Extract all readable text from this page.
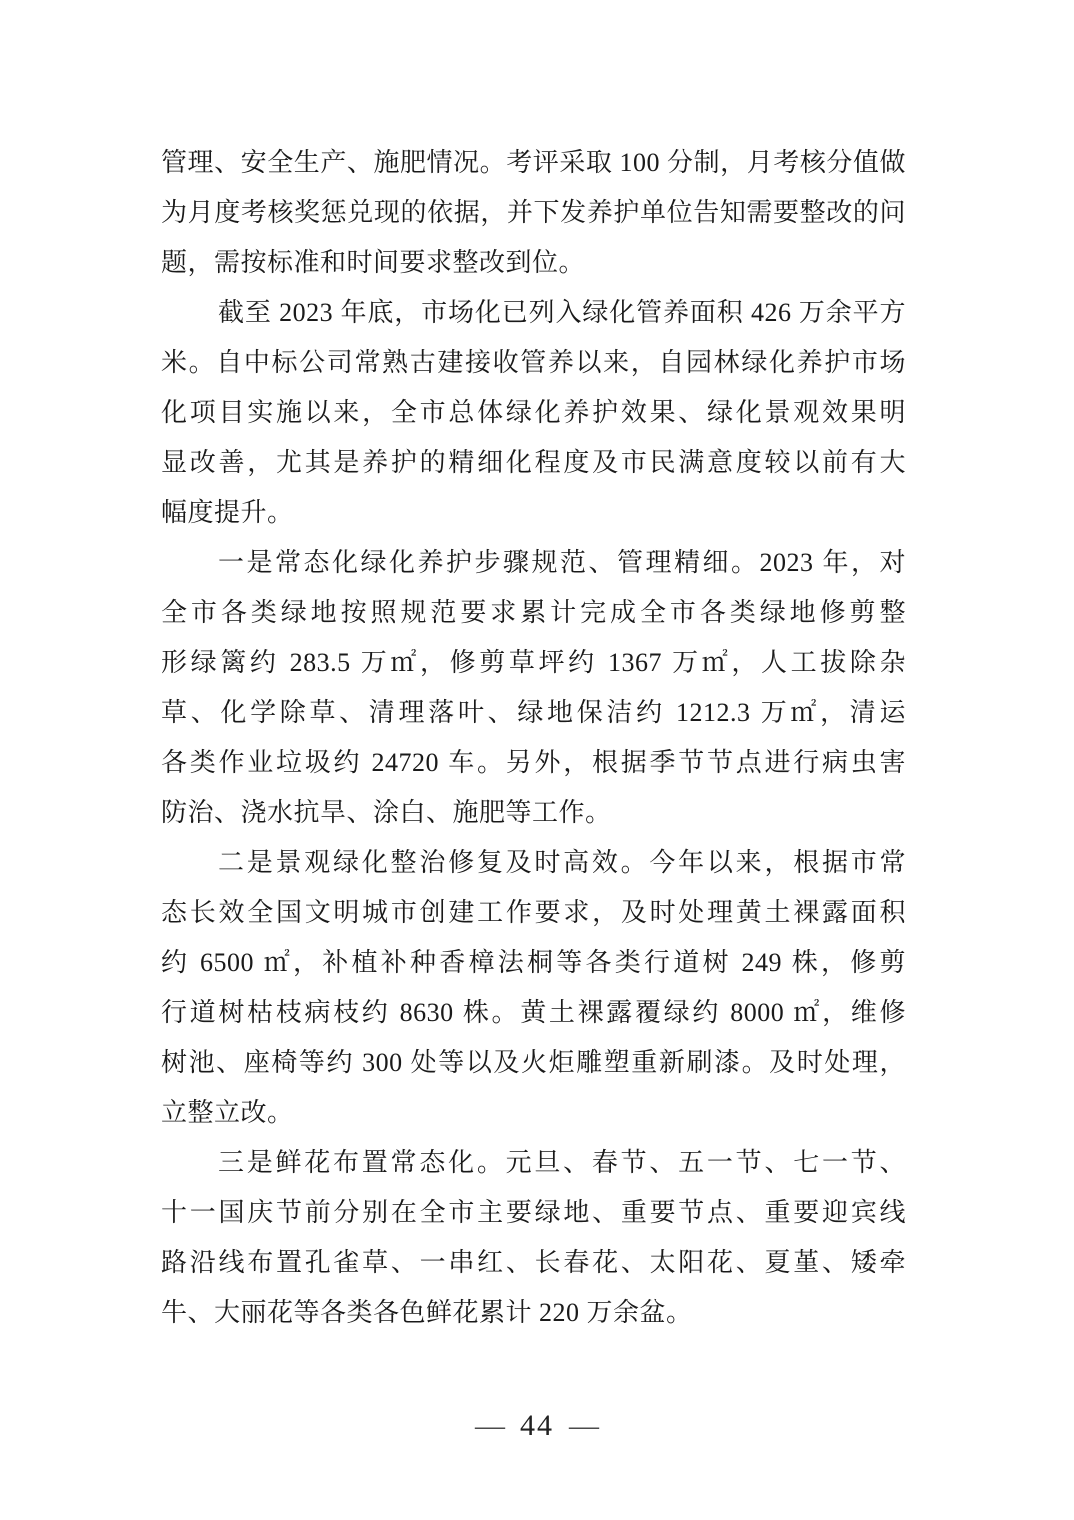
管理、安全生产、施肥情况。考评采取 100 分制，月考核分值做
为月度考核奖惩兑现的依据，并下发养护单位告知需要整改的问
题，需按标准和时间要求整改到位。
截至 2023 年底，市场化已列入绿化管养面积 426 万余平方
米。自中标公司常熟古建接收管养以来，自园林绿化养护市场
化项目实施以来，全市总体绿化养护效果、绿化景观效果明
显改善，尤其是养护的精细化程度及市民满意度较以前有大
幅度提升。
一是常态化绿化养护步骤规范、管理精细。2023 年，对
全市各类绿地按照规范要求累计完成全市各类绿地修剪整
形绿篱约 283.5 万㎡，修剪草坪约 1367 万㎡，人工拔除杂
草、化学除草、清理落叶、绿地保洁约 1212.3 万㎡，清运
各类作业垃圾约 24720 车。另外，根据季节节点进行病虫害
防治、浇水抗旱、涂白、施肥等工作。
二是景观绿化整治修复及时高效。今年以来，根据市常
态长效全国文明城市创建工作要求，及时处理黄土裸露面积
约 6500 ㎡，补植补种香樟法桐等各类行道树 249 株，修剪
行道树枯枝病枝约 8630 株。黄土裸露覆绿约 8000 ㎡，维修
树池、座椅等约 300 处等以及火炬雕塑重新刷漆。及时处理，
立整立改。
三是鲜花布置常态化。元旦、春节、五一节、七一节、
十一国庆节前分别在全市主要绿地、重要节点、重要迎宾线
路沿线布置孔雀草、一串红、长春花、太阳花、夏堇、矮牵
牛、大丽花等各类各色鲜花累计 220 万余盆。
— 44 —
